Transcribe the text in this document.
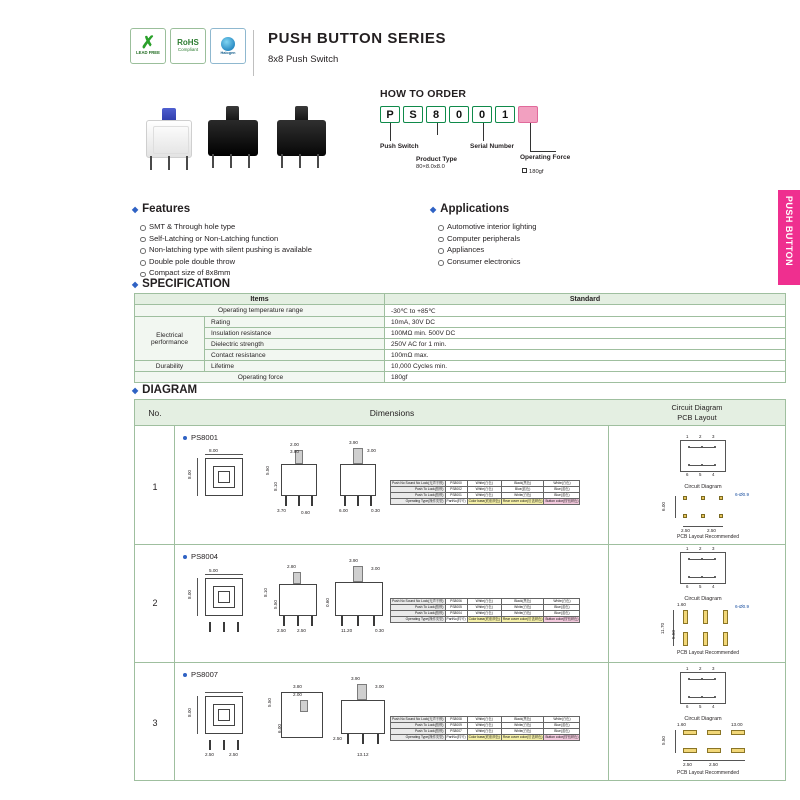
✗
LEAD FREE
RoHS
Compliant
Halogen
PUSH BUTTON SERIES
8x8 Push Switch
HOW TO ORDER
P	S	8	0	0	1
Push Switch
Product Type
80×8.0x8.0
Serial Number
Operating Force
180gf
PUSH BUTTON
◆ Features
SMT & Through hole type
Self-Latching or Non-Latching function
Non-latching type with silent pushing is available
Double pole double throw
Compact size of 8x8mm
◆ Applications
Automotive interior lighting
Computer peripherals
Appliances
Consumer electronics
◆ SPECIFICATION
Items		Standard
Operating temperature range		-30℃ to +85℃
Electrical performance	Rating	10mA, 30V DC
	Insulation resistance	100MΩ min. 500V DC
	Dielectric strength	250V AC for 1 min.
	Contact resistance	100mΩ max.
Durability	Lifetime	10,000 Cycles min.
Operating force		180gf
◆ DIAGRAM
No.	Dimensions
Circuit Diagram
PCB Layout
1
2
3
PS8001
8.00
8.00
2.00
3.80
5.50
8.10
3.70	0.60
3.90
3.00
6.00	0.30
Push No Sound No Lock(无声不锁)	PS8000	White(白色)	Black(黑色)	White(白色)
Push To Lock(按锁)	PS8002	White(白色)	Blue(蓝色)	Blue(蓝色)
Push To Lock(按锁)	PS8001	White(白色)	White(白色)	Blue(蓝色)
Operating Type(操作类型)	PartNo(料号)	Color base(底座颜色)	Rear cover color(后盖颜色)	Button color(按钮颜色)
1 2 3
6 5 4
Circuit Diagram
6.00
6-Ø0.9
2.50	2.50
PCB Layout Recommended
PS8004
8.00
5.00
2.80
8.10
5.50
2.50 2.50
3.90
3.00
11.20	0.30
0.60	Push No Sound No Lock(无声不锁)	PS8006	White(白色)	Black(黑色)	White(白色)
Push To Lock(按锁)	PS8005	White(白色)	White(白色)	Blue(蓝色)
Push To Lock(按锁)	PS8004	White(白色)	White(白色)	Blue(蓝色)
Operating Type(操作类型)	PartNo(料号)	Color base(底座颜色)	Rear cover color(后盖颜色)	Button color(按钮颜色)
1 2 3
6 5 4
Circuit Diagram
11.70
5.50
1.60	6-Ø0.9
PCB Layout Recommended
PS8007
8.00
2.50	2.50
3.80
2.00
5.50
6.00
3.90
3.00
13.12
2.50
Push No Sound No Lock(无声不锁)	PS8008	White(白色)	Black(黑色)	White(白色)
Push To Lock(按锁)	PS8009	White(白色)	White(白色)	Blue(蓝色)
Push To Lock(按锁)	PS8007	White(白色)	White(白色)	Blue(蓝色)
Operating Type(操作类型)	PartNo(料号)	Color base(底座颜色)	Rear cover color(后盖颜色)	Button color(按钮颜色)
1 2 3
6 5 4
Circuit Diagram
5.50
1.60	13.00
2.50	2.50
PCB Layout Recommended
